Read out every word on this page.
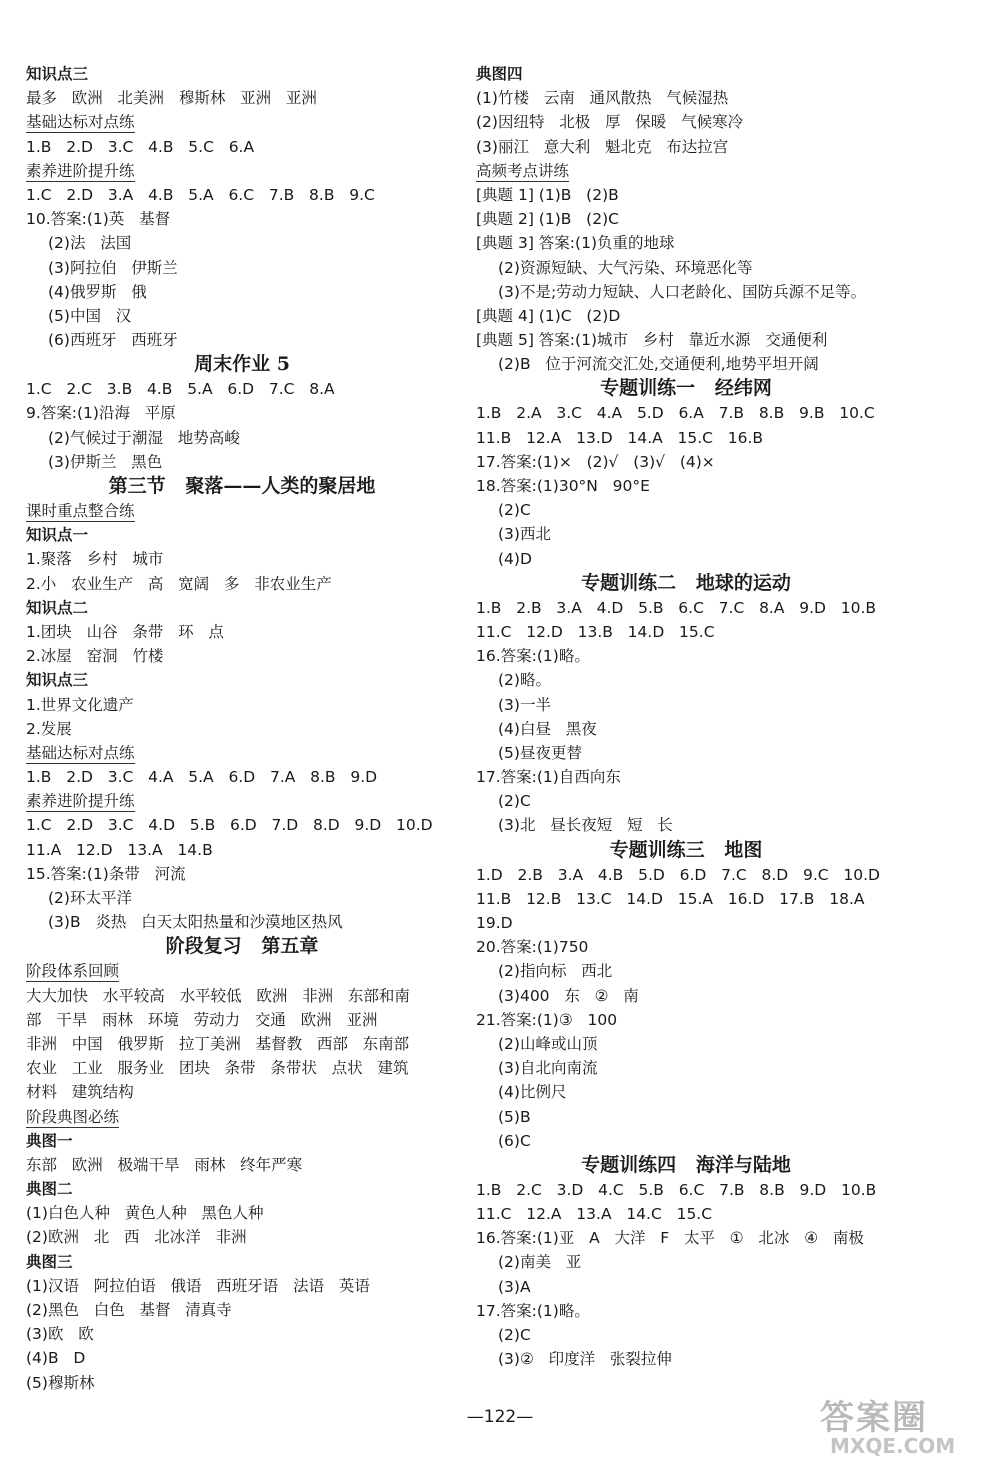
知识点三
最多   欧洲   北美洲   穆斯林   亚洲   亚洲
基础达标对点练
1.B   2.D   3.C   4.B   5.C   6.A
素养进阶提升练
1.C   2.D   3.A   4.B   5.A   6.C   7.B   8.B   9.C
10.答案:(1)英   基督
(2)法   法国
(3)阿拉伯   伊斯兰
(4)俄罗斯   俄
(5)中国   汉
(6)西班牙   西班牙
周末作业 5
1.C   2.C   3.B   4.B   5.A   6.D   7.C   8.A
9.答案:(1)沿海   平原
(2)气候过于潮湿   地势高峻
(3)伊斯兰   黑色
第三节   聚落——人类的聚居地
课时重点整合练
知识点一
1.聚落   乡村   城市
2.小   农业生产   高   宽阔   多   非农业生产
知识点二
1.团块   山谷   条带   环   点
2.冰屋   窑洞   竹楼
知识点三
1.世界文化遗产
2.发展
基础达标对点练
1.B   2.D   3.C   4.A   5.A   6.D   7.A   8.B   9.D
素养进阶提升练
1.C   2.D   3.C   4.D   5.B   6.D   7.D   8.D   9.D   10.D
11.A   12.D   13.A   14.B
15.答案:(1)条带   河流
(2)环太平洋
(3)B   炎热   白天太阳热量和沙漠地区热风
阶段复习   第五章
阶段体系回顾
大大加快   水平较高   水平较低   欧洲   非洲   东部和南
部   干旱   雨林   环境   劳动力   交通   欧洲   亚洲
非洲   中国   俄罗斯   拉丁美洲   基督教   西部   东南部
农业   工业   服务业   团块   条带   条带状   点状   建筑
材料   建筑结构
阶段典图必练
典图一
东部   欧洲   极端干旱   雨林   终年严寒
典图二
(1)白色人种   黄色人种   黑色人种
(2)欧洲   北   西   北冰洋   非洲
典图三
(1)汉语   阿拉伯语   俄语   西班牙语   法语   英语
(2)黑色   白色   基督   清真寺
(3)欧   欧
(4)B   D
(5)穆斯林
典图四
(1)竹楼   云南   通风散热   气候湿热
(2)因纽特   北极   厚   保暖   气候寒冷
(3)丽江   意大利   魁北克   布达拉宫
高频考点讲练
[典题 1] (1)B   (2)B
[典题 2] (1)B   (2)C
[典题 3] 答案:(1)负重的地球
(2)资源短缺、大气污染、环境恶化等
(3)不是;劳动力短缺、人口老龄化、国防兵源不足等。
[典题 4] (1)C   (2)D
[典题 5] 答案:(1)城市   乡村   靠近水源   交通便利
(2)B   位于河流交汇处,交通便利,地势平坦开阔
专题训练一   经纬网
1.B   2.A   3.C   4.A   5.D   6.A   7.B   8.B   9.B   10.C
11.B   12.A   13.D   14.A   15.C   16.B
17.答案:(1)×   (2)√   (3)√   (4)×
18.答案:(1)30°N   90°E
(2)C
(3)西北
(4)D
专题训练二   地球的运动
1.B   2.B   3.A   4.D   5.B   6.C   7.C   8.A   9.D   10.B
11.C   12.D   13.B   14.D   15.C
16.答案:(1)略。
(2)略。
(3)一半
(4)白昼   黑夜
(5)昼夜更替
17.答案:(1)自西向东
(2)C
(3)北   昼长夜短   短   长
专题训练三   地图
1.D   2.B   3.A   4.B   5.D   6.D   7.C   8.D   9.C   10.D
11.B   12.B   13.C   14.D   15.A   16.D   17.B   18.A
19.D
20.答案:(1)750
(2)指向标   西北
(3)400   东   ②   南
21.答案:(1)③   100
(2)山峰或山顶
(3)自北向南流
(4)比例尺
(5)B
(6)C
专题训练四   海洋与陆地
1.B   2.C   3.D   4.C   5.B   6.C   7.B   8.B   9.D   10.B
11.C   12.A   13.A   14.C   15.C
16.答案:(1)亚   A   大洋   F   太平   ①   北冰   ④   南极
(2)南美   亚
(3)A
17.答案:(1)略。
(2)C
(3)②   印度洋   张裂拉伸
—122—	答案圈
MXQE.COM
